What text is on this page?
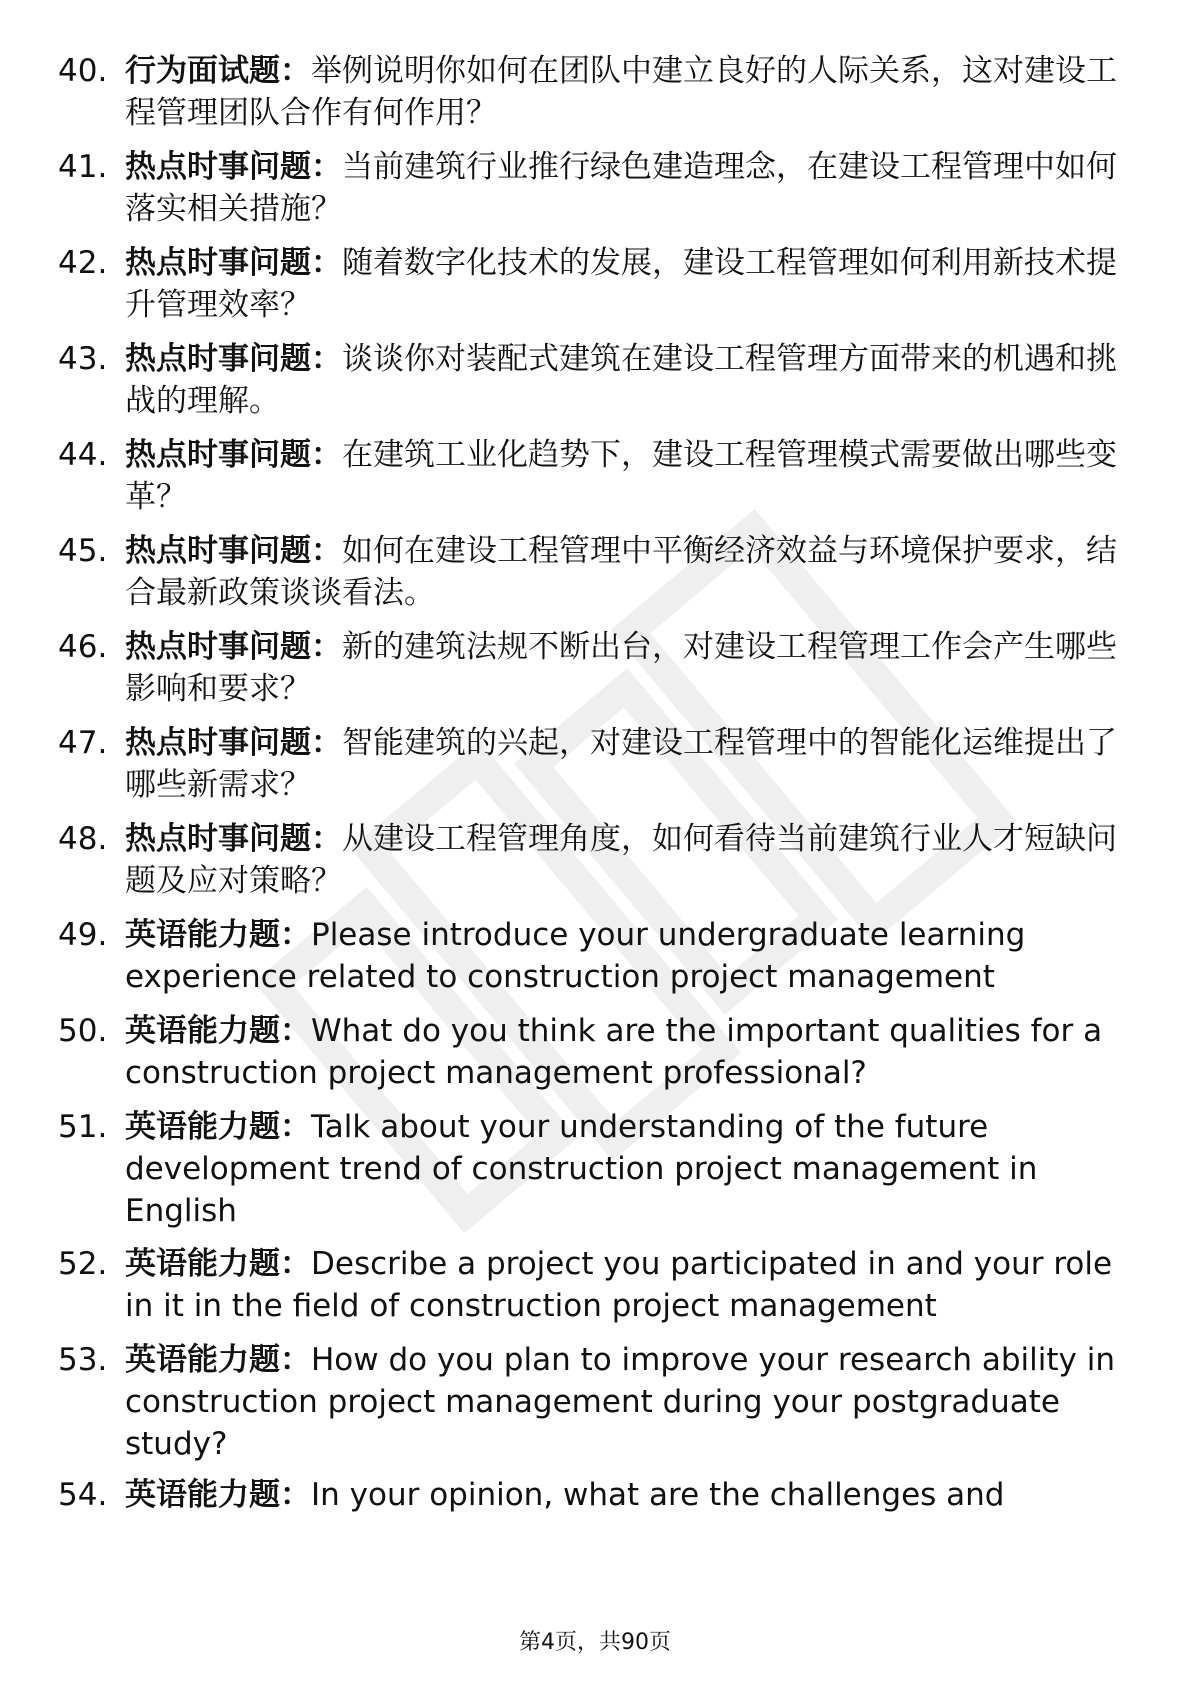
40. 行为面试题：举例说明你如何在团队中建立良好的人际关系，这对建设工程管理团队合作有何作用？
41. 热点时事问题：当前建筑行业推行绿色建造理念，在建设工程管理中如何落实相关措施？
42. 热点时事问题：随着数字化技术的发展，建设工程管理如何利用新技术提升管理效率？
43. 热点时事问题：谈谈你对装配式建筑在建设工程管理方面带来的机遇和挑战的理解。
44. 热点时事问题：在建筑工业化趋势下，建设工程管理模式需要做出哪些变革？
45. 热点时事问题：如何在建设工程管理中平衡经济效益与环境保护要求，结合最新政策谈谈看法。
46. 热点时事问题：新的建筑法规不断出台，对建设工程管理工作会产生哪些影响和要求？
47. 热点时事问题：智能建筑的兴起，对建设工程管理中的智能化运维提出了哪些新需求？
48. 热点时事问题：从建设工程管理角度，如何看待当前建筑行业人才短缺问题及应对策略？
49. 英语能力题：Please introduce your undergraduate learning experience related to construction project management
50. 英语能力题：What do you think are the important qualities for a construction project management professional?
51. 英语能力题：Talk about your understanding of the future development trend of construction project management in English
52. 英语能力题：Describe a project you participated in and your role in it in the field of construction project management
53. 英语能力题：How do you plan to improve your research ability in construction project management during your postgraduate study?
54. 英语能力题：In your opinion, what are the challenges and
第4页，共90页
